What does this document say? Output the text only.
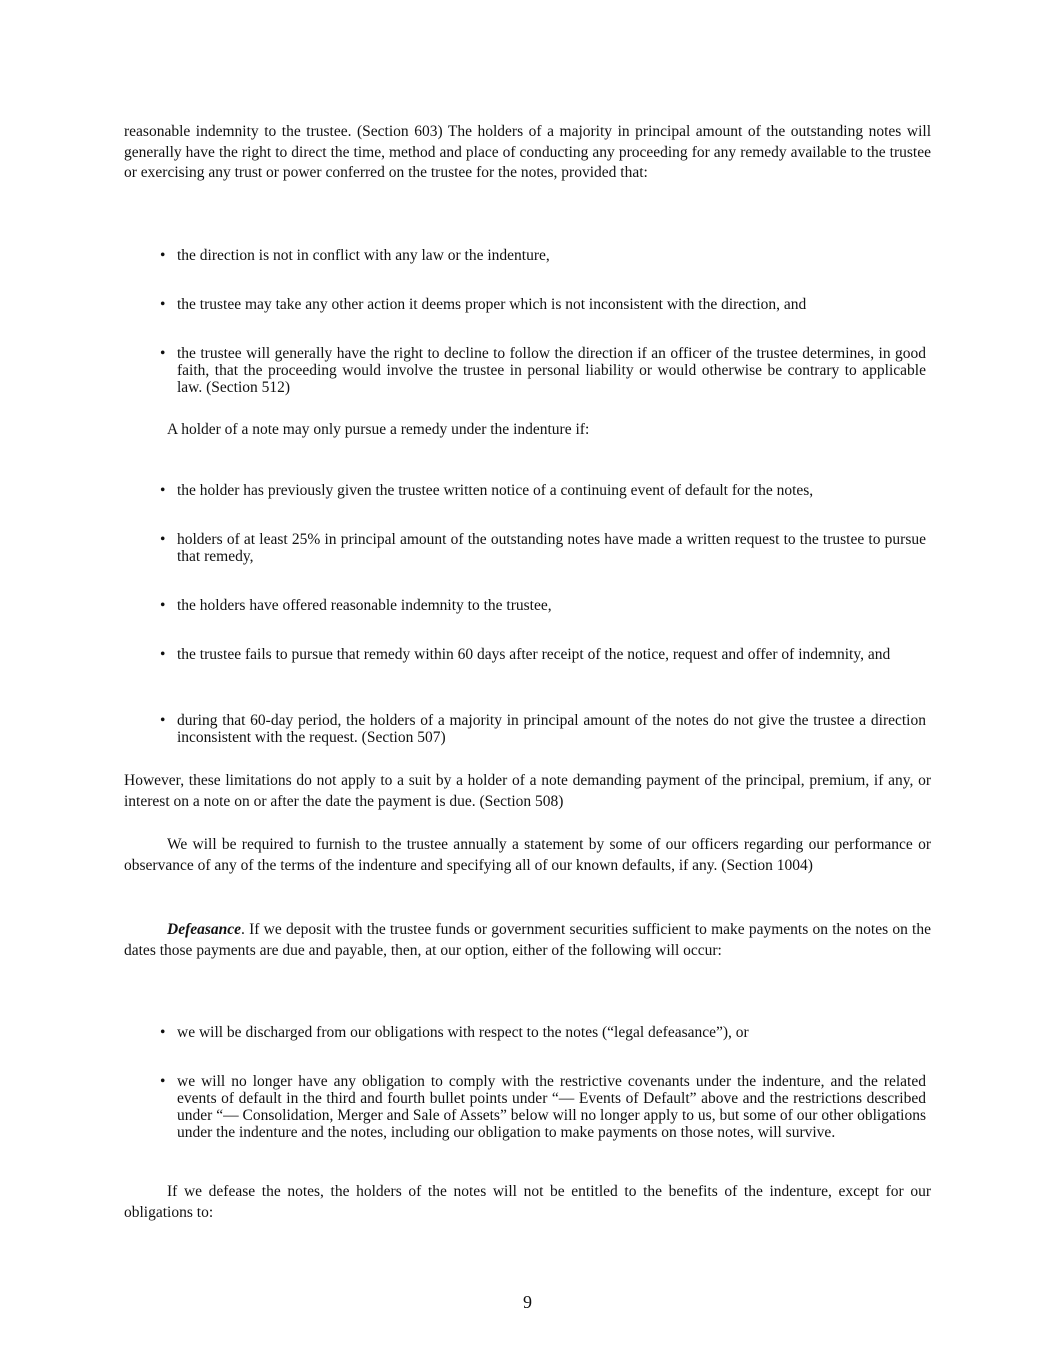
reasonable indemnity to the trustee. (Section 603) The holders of a majority in principal amount of the outstanding notes will generally have the right to direct the time, method and place of conducting any proceeding for any remedy available to the trustee or exercising any trust or power conferred on the trustee for the notes, provided that:

• the direction is not in conflict with any law or the indenture,
• the trustee may take any other action it deems proper which is not inconsistent with the direction, and
• the trustee will generally have the right to decline to follow the direction if an officer of the trustee determines, in good faith, that the proceeding would involve the trustee in personal liability or would otherwise be contrary to applicable law. (Section 512)

A holder of a note may only pursue a remedy under the indenture if:

• the holder has previously given the trustee written notice of a continuing event of default for the notes,
• holders of at least 25% in principal amount of the outstanding notes have made a written request to the trustee to pursue that remedy,
• the holders have offered reasonable indemnity to the trustee,
• the trustee fails to pursue that remedy within 60 days after receipt of the notice, request and offer of indemnity, and
• during that 60-day period, the holders of a majority in principal amount of the notes do not give the trustee a direction inconsistent with the request. (Section 507)

However, these limitations do not apply to a suit by a holder of a note demanding payment of the principal, premium, if any, or interest on a note on or after the date the payment is due. (Section 508)

We will be required to furnish to the trustee annually a statement by some of our officers regarding our performance or observance of any of the terms of the indenture and specifying all of our known defaults, if any. (Section 1004)

Defeasance. If we deposit with the trustee funds or government securities sufficient to make payments on the notes on the dates those payments are due and payable, then, at our option, either of the following will occur:

• we will be discharged from our obligations with respect to the notes (“legal defeasance”), or
• we will no longer have any obligation to comply with the restrictive covenants under the indenture, and the related events of default in the third and fourth bullet points under “— Events of Default” above and the restrictions described under “— Consolidation, Merger and Sale of Assets” below will no longer apply to us, but some of our other obligations under the indenture and the notes, including our obligation to make payments on those notes, will survive.

If we defease the notes, the holders of the notes will not be entitled to the benefits of the indenture, except for our obligations to:

9
